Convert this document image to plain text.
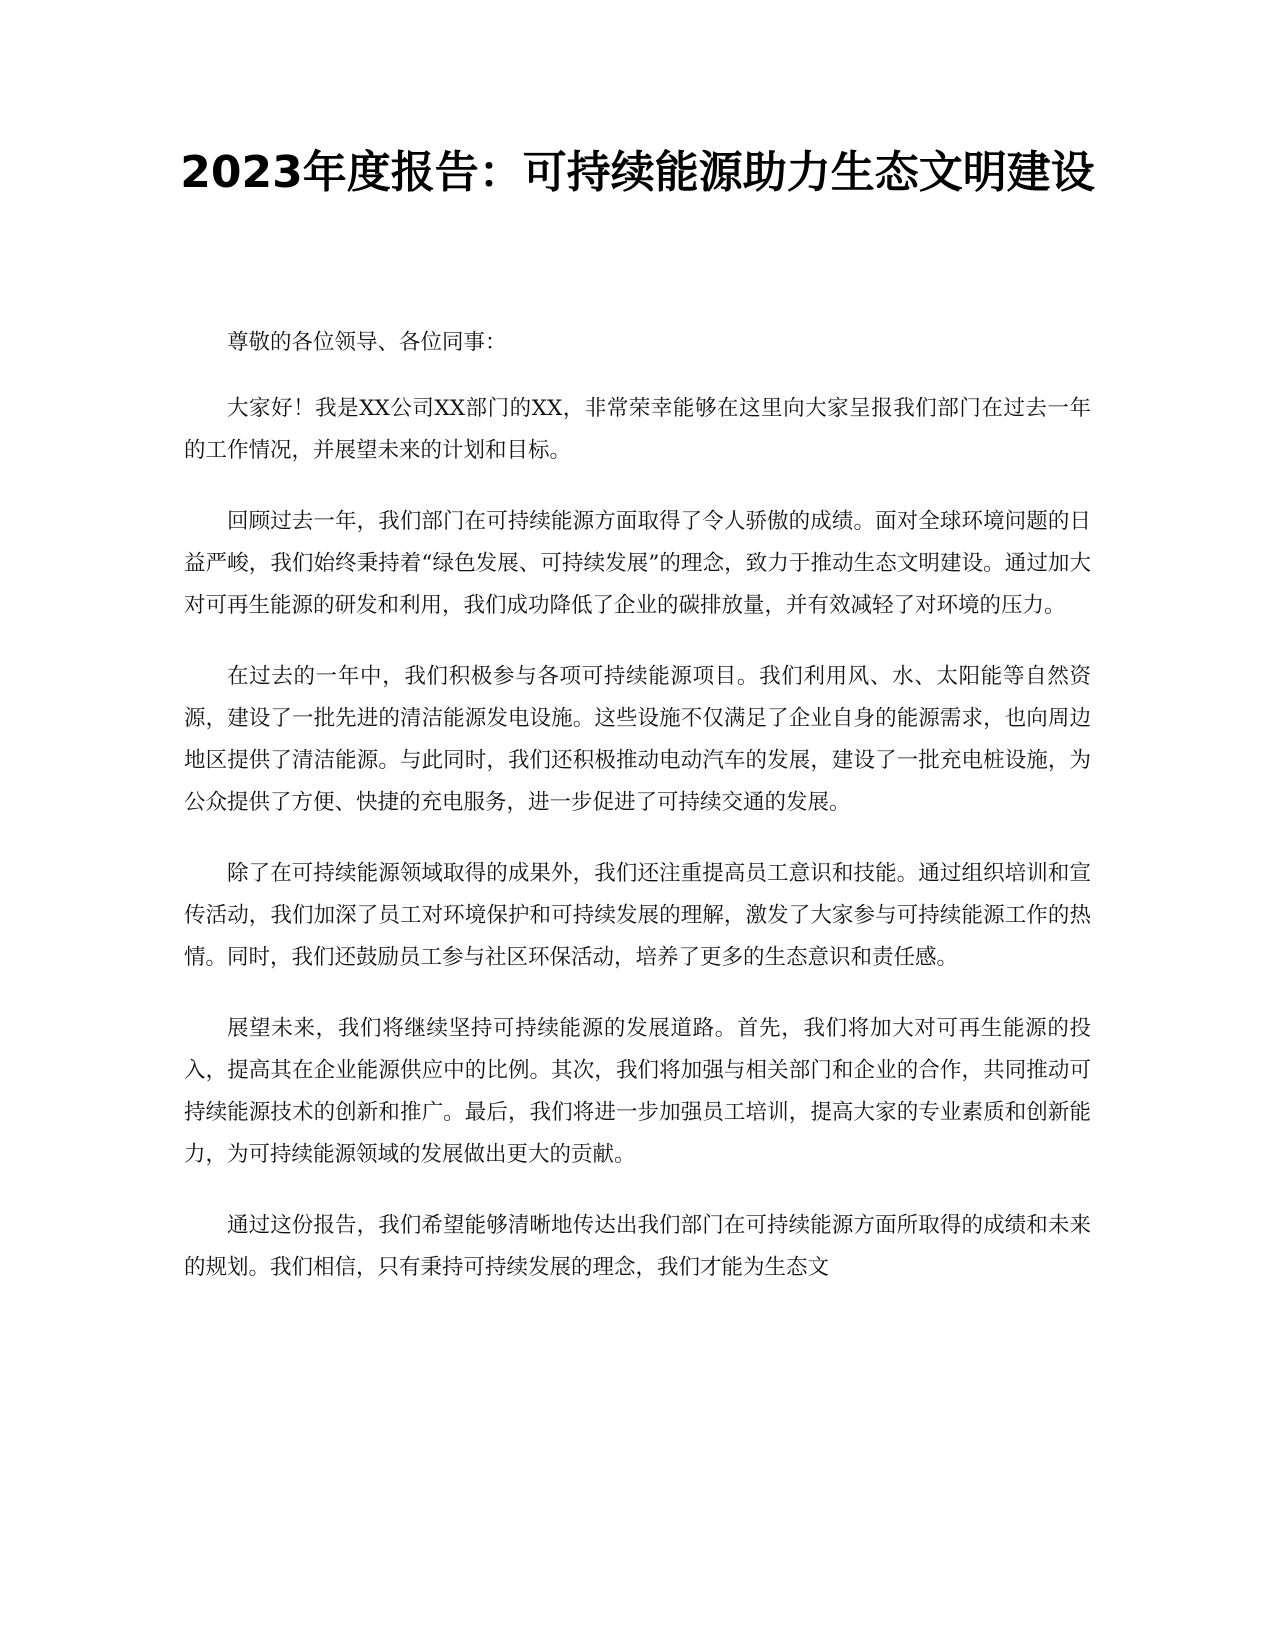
2023年度报告：可持续能源助力生态文明建设

尊敬的各位领导、各位同事：

大家好！我是XX公司XX部门的XX，非常荣幸能够在这里向大家呈报我们部门在过去一年的工作情况，并展望未来的计划和目标。

回顾过去一年，我们部门在可持续能源方面取得了令人骄傲的成绩。面对全球环境问题的日益严峻，我们始终秉持着“绿色发展、可持续发展”的理念，致力于推动生态文明建设。通过加大对可再生能源的研发和利用，我们成功降低了企业的碳排放量，并有效减轻了对环境的压力。

在过去的一年中，我们积极参与各项可持续能源项目。我们利用风、水、太阳能等自然资源，建设了一批先进的清洁能源发电设施。这些设施不仅满足了企业自身的能源需求，也向周边地区提供了清洁能源。与此同时，我们还积极推动电动汽车的发展，建设了一批充电桩设施，为公众提供了方便、快捷的充电服务，进一步促进了可持续交通的发展。

除了在可持续能源领域取得的成果外，我们还注重提高员工意识和技能。通过组织培训和宣传活动，我们加深了员工对环境保护和可持续发展的理解，激发了大家参与可持续能源工作的热情。同时，我们还鼓励员工参与社区环保活动，培养了更多的生态意识和责任感。

展望未来，我们将继续坚持可持续能源的发展道路。首先，我们将加大对可再生能源的投入，提高其在企业能源供应中的比例。其次，我们将加强与相关部门和企业的合作，共同推动可持续能源技术的创新和推广。最后，我们将进一步加强员工培训，提高大家的专业素质和创新能力，为可持续能源领域的发展做出更大的贡献。

通过这份报告，我们希望能够清晰地传达出我们部门在可持续能源方面所取得的成绩和未来的规划。我们相信，只有秉持可持续发展的理念，我们才能为生态文
